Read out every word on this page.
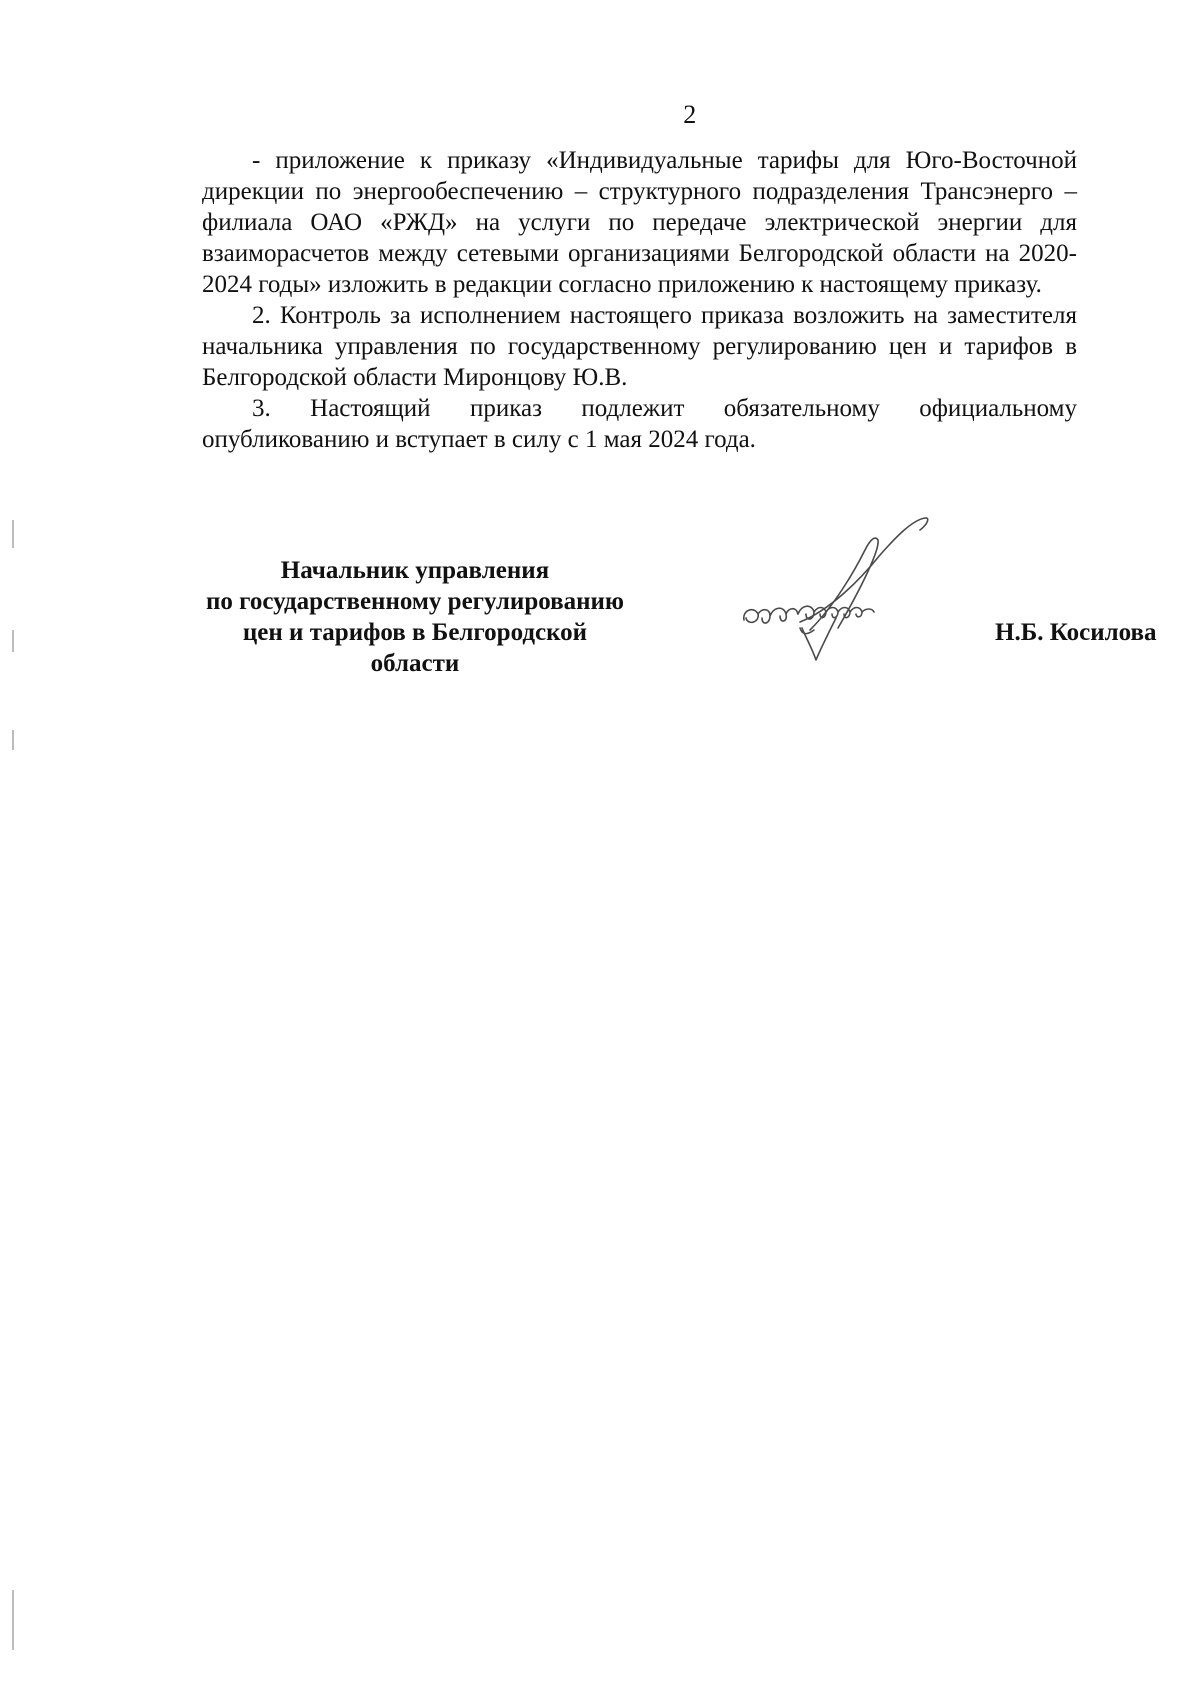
2

- приложение к приказу «Индивидуальные тарифы для Юго-Восточной дирекции по энергообеспечению – структурного подразделения Трансэнерго – филиала ОАО «РЖД» на услуги по передаче электрической энергии для взаиморасчетов между сетевыми организациями Белгородской области на 2020-2024 годы» изложить в редакции согласно приложению к настоящему приказу.

2. Контроль за исполнением настоящего приказа возложить на заместителя начальника управления по государственному регулированию цен и тарифов в Белгородской области Миронцову Ю.В.

3. Настоящий приказ подлежит обязательному официальному опубликованию и вступает в силу с 1 мая 2024 года.

Начальник управления
по государственному регулированию
цен и тарифов в Белгородской области
Н.Б. Косилова
